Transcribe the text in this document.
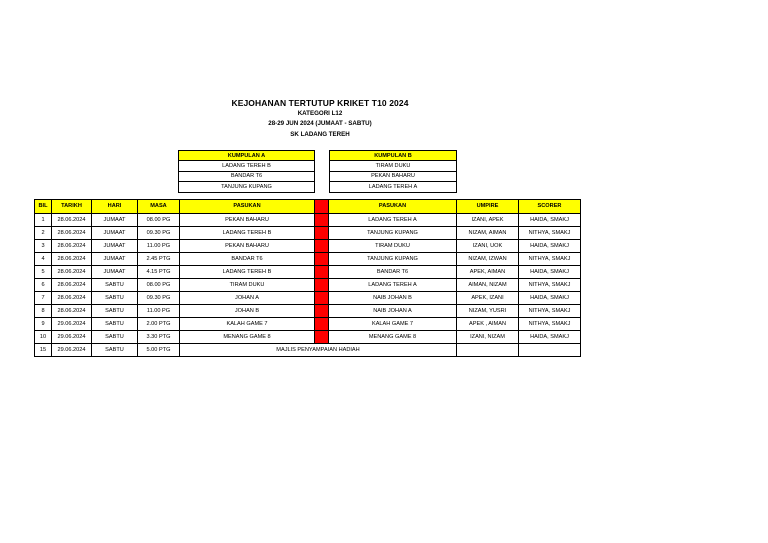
KEJOHANAN TERTUTUP KRIKET T10 2024
KATEGORI L12
28-29 JUN 2024 (JUMAAT - SABTU)
SK LADANG TEREH
KUMPULAN A
LADANG TEREH B
BANDAR T6
TANJUNG KUPANG
KUMPULAN B
TIRAM DUKU
PEKAN BAHARU
LADANG TEREH A
BIL	TARIKH	HARI	MASA	PASUKAN	VS	PASUKAN	UMPIRE	SCORER
1	28.06.2024	JUMAAT	08.00 PG	PEKAN BAHARU	VS	LADANG TEREH A	IZANI, APEK	HAIDA, SMAKJ
2	28.06.2024	JUMAAT	09.30 PG	LADANG TEREH B	VS	TANJUNG KUPANG	NIZAM, AIMAN	NITHYA, SMAKJ
3	28.06.2024	JUMAAT	11.00 PG	PEKAN BAHARU	VS	TIRAM DUKU	IZANI, UOK	HAIDA, SMAKJ
4	28.06.2024	JUMAAT	2.45 PTG	BANDAR T6	VS	TANJUNG KUPANG	NIZAM, IZWAN	NITHYA, SMAKJ
5	28.06.2024	JUMAAT	4.15 PTG	LADANG TEREH B	VS	BANDAR T6	APEK, AIMAN	HAIDA, SMAKJ
6	28.06.2024	SABTU	08.00 PG	TIRAM DUKU	VS	LADANG TEREH A	AIMAN, NIZAM	NITHYA, SMAKJ
7	28.06.2024	SABTU	09.30 PG	JOHAN A	VS	NAIB JOHAN B	APEK, IZANI	HAIDA, SMAKJ
8	28.06.2024	SABTU	11.00 PG	JOHAN B	VS	NAIB JOHAN A	NIZAM, YUSRI	NITHYA, SMAKJ
9	29.06.2024	SABTU	2.00 PTG	KALAH GAME 7	VS	KALAH GAME 7	APEK , AIMAN	NITHYA, SMAKJ
10	29.06.2024	SABTU	3.30 PTG	MENANG GAME 8	VS	MENANG GAME 8	IZANI, NIZAM	HAIDA, SMAKJ
15	29.06.2024	SABTU	5.00 PTG	MAJLIS PENYAMPAIAN HADIAH				
